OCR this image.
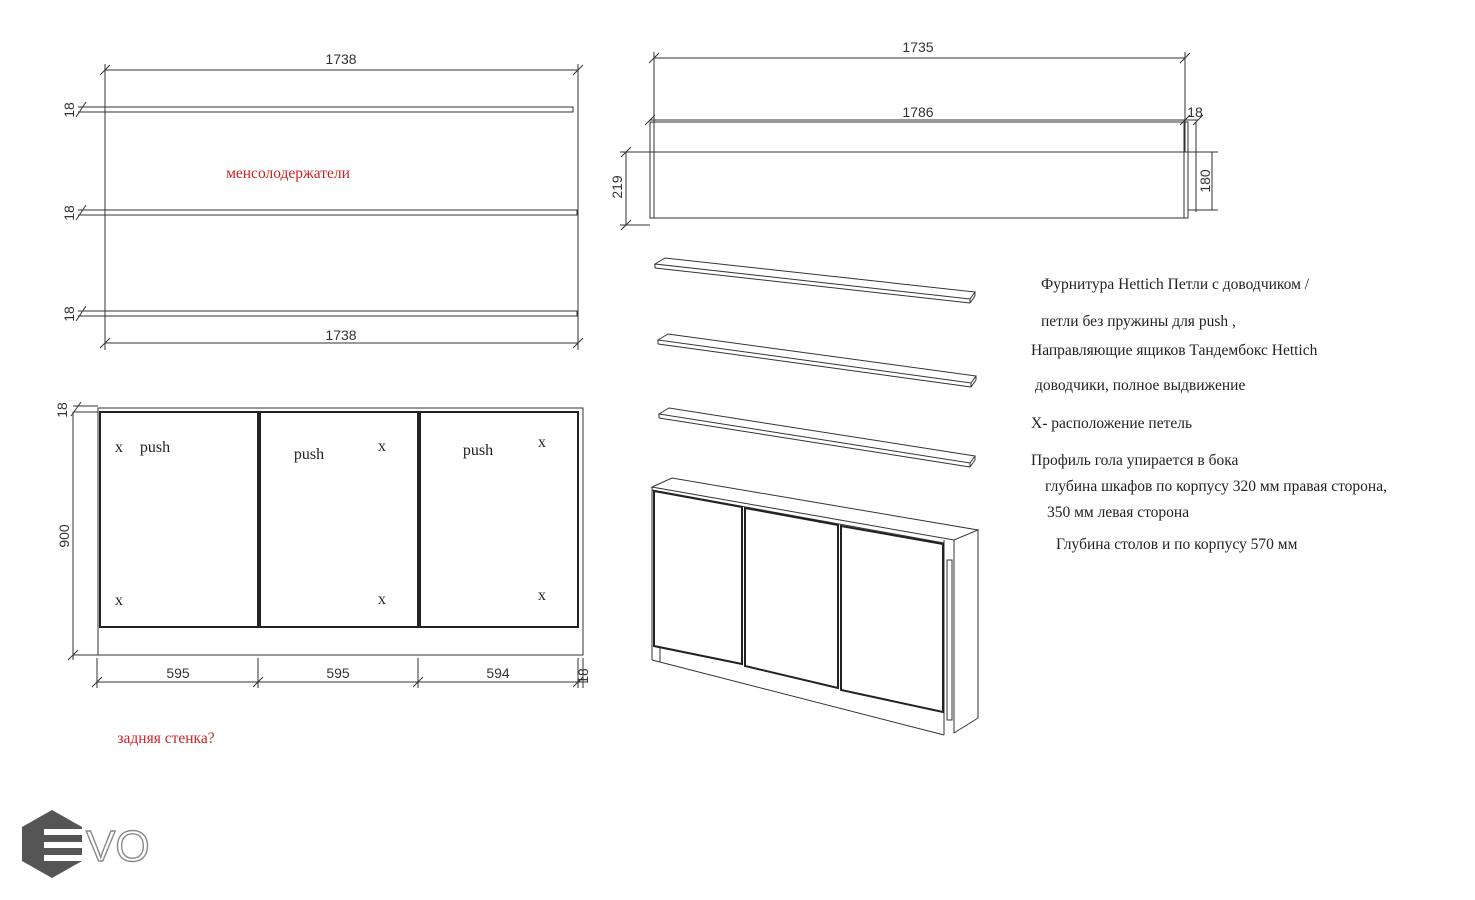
1738
1738
18
18
18
менсолодержатели
18
900
595	595	594	18
push	push	push
x
x
x
x
x
x
задняя стенка?
1735
1786	18
219	180
Фурнитура Hettich Петли с доводчиком /
петли без пружины для push ,
Направляющие ящиков Тандембокс Hettich
доводчики, полное выдвижение
X- расположение петель
Профиль гола упирается в бока
глубина шкафов по корпусу 320 мм правая сторона,
350 мм левая сторона
Глубина столов и по корпусу 570 мм
VO
